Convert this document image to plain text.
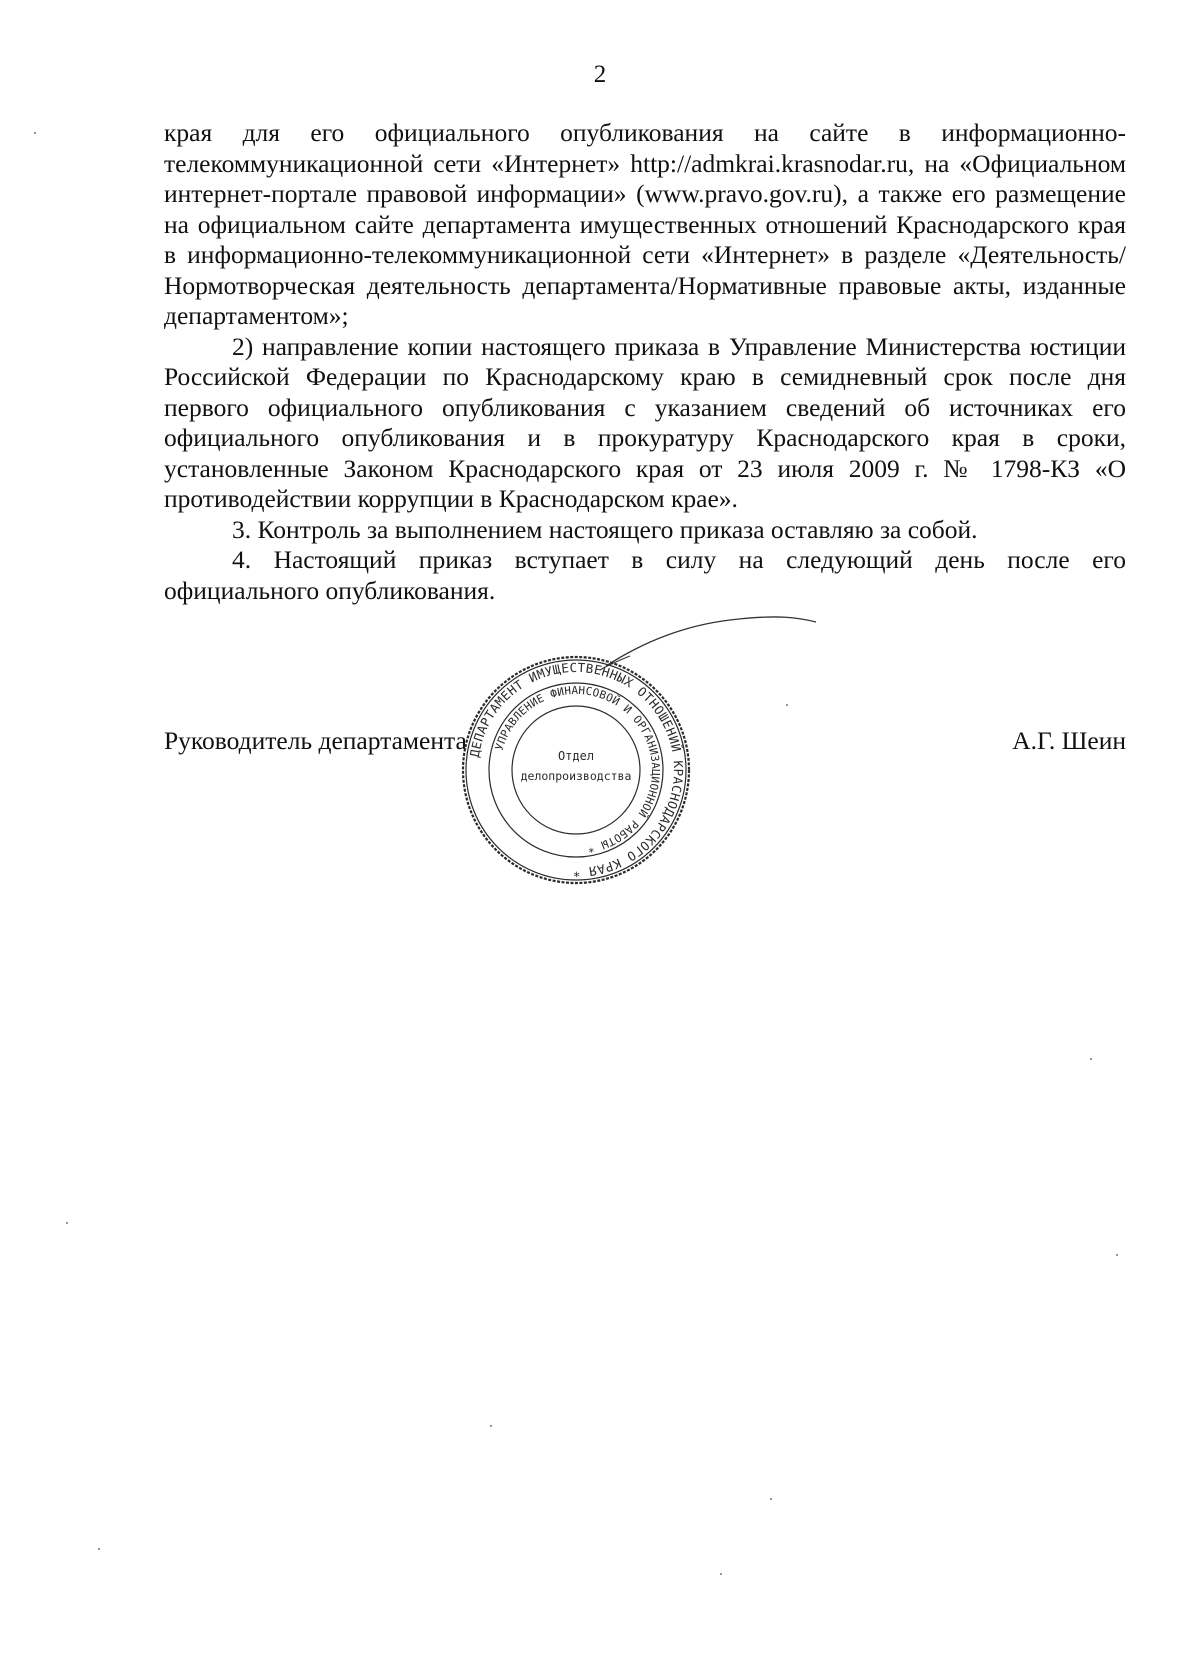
2

края для его официального опубликования на сайте в информационно-телекоммуникационной сети «Интернет» http://admkrai.krasnodar.ru, на «Официальном интернет-портале правовой информации» (www.pravo.gov.ru), а также его размещение на официальном сайте департамента имущественных отношений Краснодарского края в информационно-телекоммуникационной сети «Интернет» в разделе «Деятельность/Нормотворческая деятельность департамента/Нормативные правовые акты, изданные департаментом»;

2) направление копии настоящего приказа в Управление Министерства юстиции Российской Федерации по Краснодарскому краю в семидневный срок после дня первого официального опубликования с указанием сведений об источниках его официального опубликования и в прокуратуру Краснодарского края в сроки, установленные Законом Краснодарского края от 23 июля 2009 г. № 1798-КЗ «О противодействии коррупции в Краснодарском крае».

3. Контроль за выполнением настоящего приказа оставляю за собой.

4. Настоящий приказ вступает в силу на следующий день после его официального опубликования.

Руководитель департамента	А.Г. Шеин
ДЕПАРТАМЕНТ ИМУЩЕСТВЕННЫХ ОТНОШЕНИЙ КРАСНОДАРСКОГО КРАЯ *
УПРАВЛЕНИЕ ФИНАНСОВОЙ И ОРГАНИЗАЦИОННОЙ РАБОТЫ *
Отдел
делопроизводства
